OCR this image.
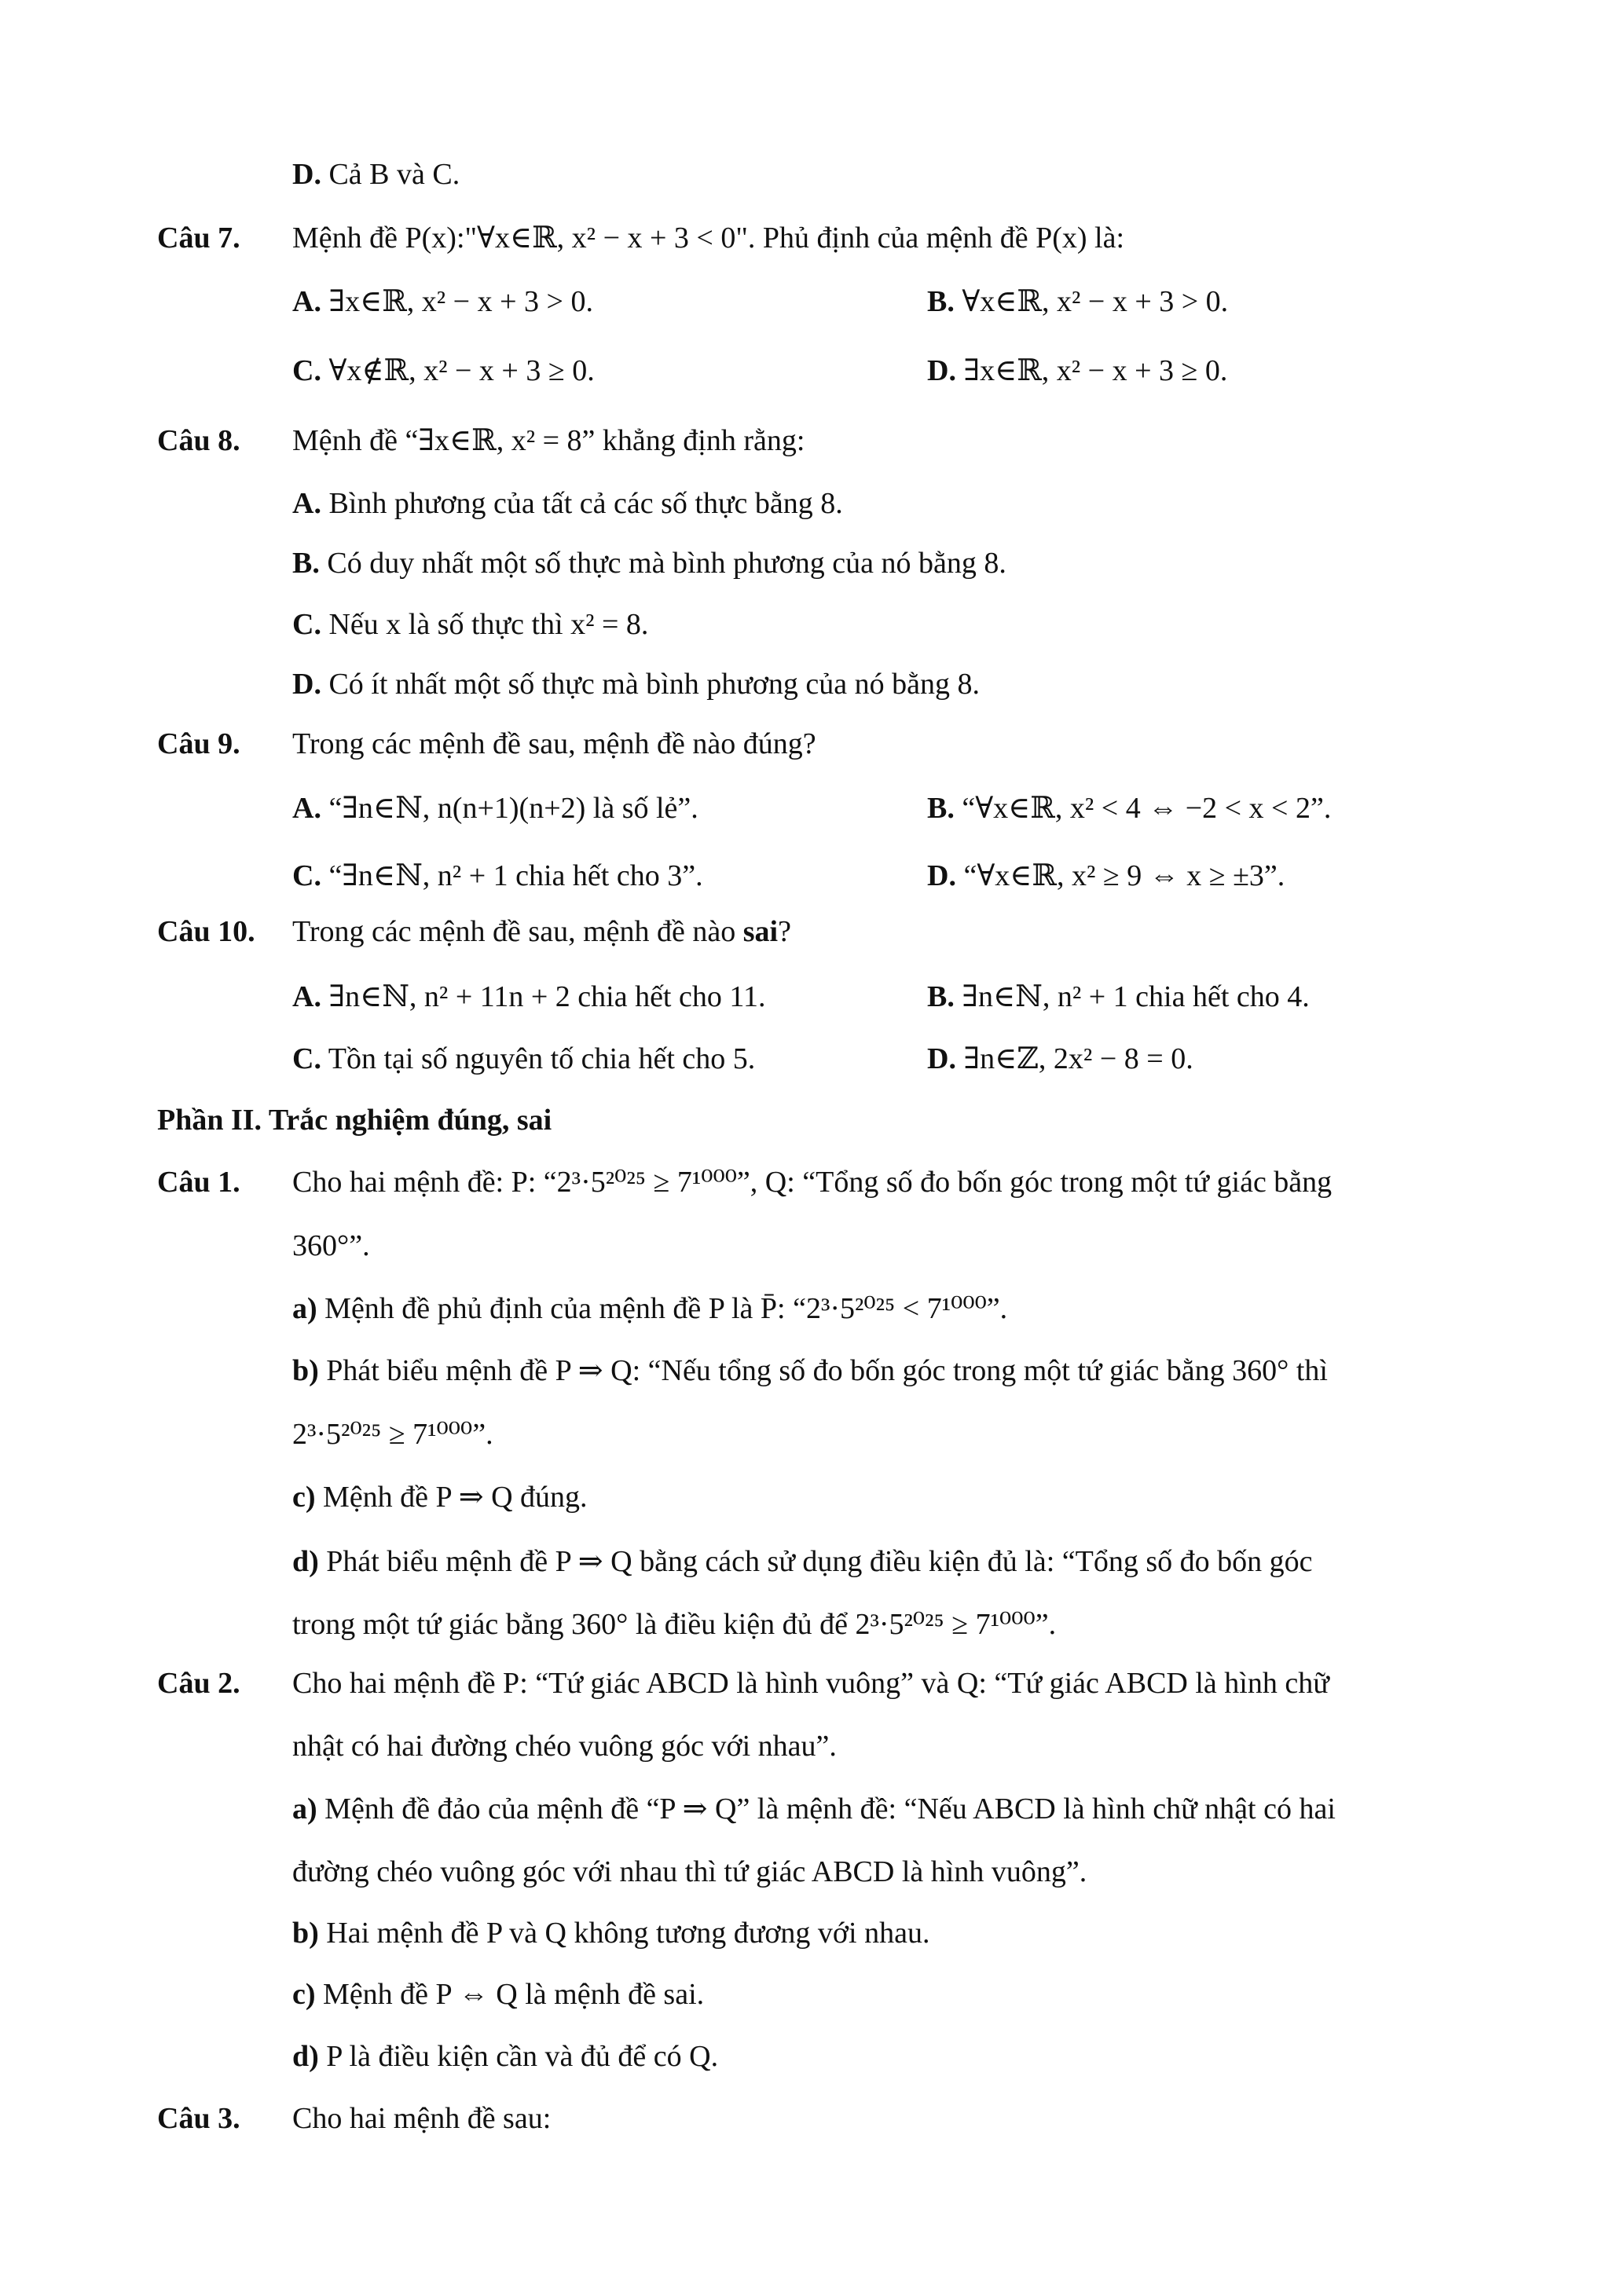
D. Cả B và C.
Câu 7. Mệnh đề P(x):"∀x∈ℝ, x² − x + 3 < 0". Phủ định của mệnh đề P(x) là:
A. ∃x∈ℝ, x² − x + 3 > 0.	B. ∀x∈ℝ, x² − x + 3 > 0.
C. ∀x∉ℝ, x² − x + 3 ≥ 0.	D. ∃x∈ℝ, x² − x + 3 ≥ 0.
Câu 8. Mệnh đề “∃x∈ℝ, x² = 8” khẳng định rằng:
A. Bình phương của tất cả các số thực bằng 8.
B. Có duy nhất một số thực mà bình phương của nó bằng 8.
C. Nếu x là số thực thì x² = 8.
D. Có ít nhất một số thực mà bình phương của nó bằng 8.
Câu 9. Trong các mệnh đề sau, mệnh đề nào đúng?
A. “∃n∈ℕ, n(n+1)(n+2) là số lẻ”.	B. “∀x∈ℝ, x² < 4 ⇔ −2 < x < 2”.
C. “∃n∈ℕ, n² + 1 chia hết cho 3”.	D. “∀x∈ℝ, x² ≥ 9 ⇔ x ≥ ±3”.
Câu 10. Trong các mệnh đề sau, mệnh đề nào sai?
A. ∃n∈ℕ, n² + 11n + 2 chia hết cho 11.	B. ∃n∈ℕ, n² + 1 chia hết cho 4.
C. Tồn tại số nguyên tố chia hết cho 5.	D. ∃n∈ℤ, 2x² − 8 = 0.
Phần II. Trắc nghiệm đúng, sai
Câu 1. Cho hai mệnh đề: P: “2³·5²⁰²⁵ ≥ 7¹⁰⁰⁰”, Q: “Tổng số đo bốn góc trong một tứ giác bằng
360°”.
a) Mệnh đề phủ định của mệnh đề P là P̄: “2³·5²⁰²⁵ < 7¹⁰⁰⁰”.
b) Phát biểu mệnh đề P ⇒ Q: “Nếu tổng số đo bốn góc trong một tứ giác bằng 360° thì
2³·5²⁰²⁵ ≥ 7¹⁰⁰⁰”.
c) Mệnh đề P ⇒ Q đúng.
d) Phát biểu mệnh đề P ⇒ Q bằng cách sử dụng điều kiện đủ là: “Tổng số đo bốn góc
trong một tứ giác bằng 360° là điều kiện đủ để 2³·5²⁰²⁵ ≥ 7¹⁰⁰⁰”.
Câu 2. Cho hai mệnh đề P: “Tứ giác ABCD là hình vuông” và Q: “Tứ giác ABCD là hình chữ
nhật có hai đường chéo vuông góc với nhau”.
a) Mệnh đề đảo của mệnh đề “P ⇒ Q” là mệnh đề: “Nếu ABCD là hình chữ nhật có hai
đường chéo vuông góc với nhau thì tứ giác ABCD là hình vuông”.
b) Hai mệnh đề P và Q không tương đương với nhau.
c) Mệnh đề P ⇔ Q là mệnh đề sai.
d) P là điều kiện cần và đủ để có Q.
Câu 3. Cho hai mệnh đề sau:
